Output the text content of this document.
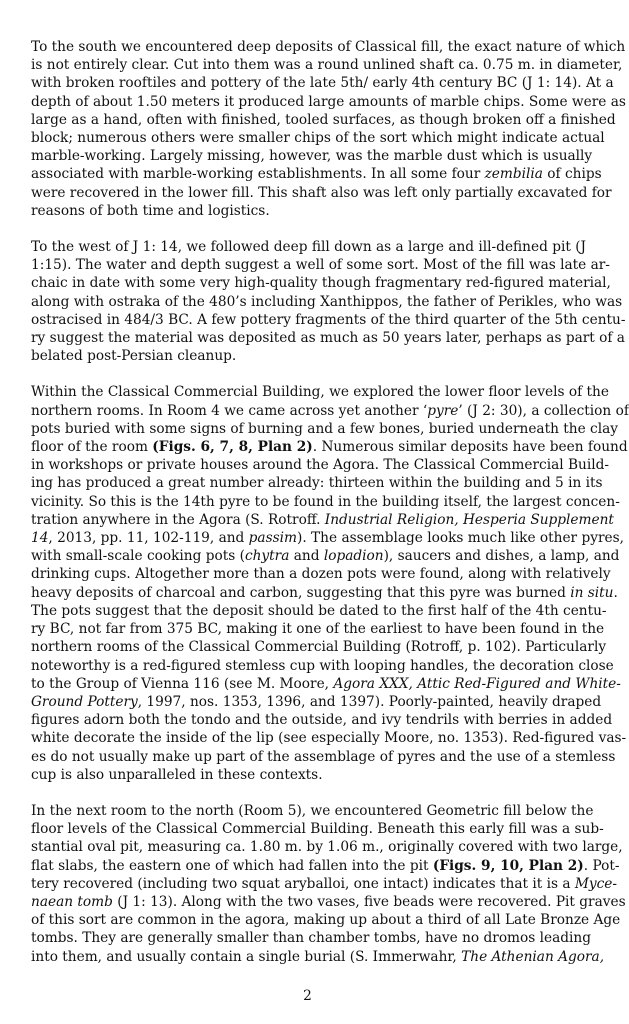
To the south we encountered deep deposits of Classical fill, the exact nature of which
is not entirely clear. Cut into them was a round unlined shaft ca. 0.75 m. in diameter,
with broken rooftiles and pottery of the late 5th/ early 4th century BC (J 1: 14). At a
depth of about 1.50 meters it produced large amounts of marble chips. Some were as
large as a hand, often with finished, tooled surfaces, as though broken off a finished
block; numerous others were smaller chips of the sort which might indicate actual
marble-working. Largely missing, however, was the marble dust which is usually
associated with marble-working establishments. In all some four zembilia of chips
were recovered in the lower fill. This shaft also was left only partially excavated for
reasons of both time and logistics.
To the west of J 1: 14, we followed deep fill down as a large and ill-defined pit (J
1:15). The water and depth suggest a well of some sort. Most of the fill was late ar-
chaic in date with some very high-quality though fragmentary red-figured material,
along with ostraka of the 480’s including Xanthippos, the father of Perikles, who was
ostracised in 484/3 BC. A few pottery fragments of the third quarter of the 5th centu-
ry suggest the material was deposited as much as 50 years later, perhaps as part of a
belated post-Persian cleanup.
Within the Classical Commercial Building, we explored the lower floor levels of the
northern rooms. In Room 4 we came across yet another ‘pyre’ (J 2: 30), a collection of
pots buried with some signs of burning and a few bones, buried underneath the clay
floor of the room (Figs. 6, 7, 8, Plan 2). Numerous similar deposits have been found
in workshops or private houses around the Agora. The Classical Commercial Build-
ing has produced a great number already: thirteen within the building and 5 in its
vicinity. So this is the 14th pyre to be found in the building itself, the largest concen-
tration anywhere in the Agora (S. Rotroff. Industrial Religion, Hesperia Supplement
14, 2013, pp. 11, 102-119, and passim). The assemblage looks much like other pyres,
with small-scale cooking pots (chytra and lopadion), saucers and dishes, a lamp, and
drinking cups. Altogether more than a dozen pots were found, along with relatively
heavy deposits of charcoal and carbon, suggesting that this pyre was burned in situ.
The pots suggest that the deposit should be dated to the first half of the 4th centu-
ry BC, not far from 375 BC, making it one of the earliest to have been found in the
northern rooms of the Classical Commercial Building (Rotroff, p. 102). Particularly
noteworthy is a red-figured stemless cup with looping handles, the decoration close
to the Group of Vienna 116 (see M. Moore, Agora XXX, Attic Red-Figured and White-
Ground Pottery, 1997, nos. 1353, 1396, and 1397). Poorly-painted, heavily draped
figures adorn both the tondo and the outside, and ivy tendrils with berries in added
white decorate the inside of the lip (see especially Moore, no. 1353). Red-figured vas-
es do not usually make up part of the assemblage of pyres and the use of a stemless
cup is also unparalleled in these contexts.
In the next room to the north (Room 5), we encountered Geometric fill below the
floor levels of the Classical Commercial Building. Beneath this early fill was a sub-
stantial oval pit, measuring ca. 1.80 m. by 1.06 m., originally covered with two large,
flat slabs, the eastern one of which had fallen into the pit (Figs. 9, 10, Plan 2). Pot-
tery recovered (including two squat aryballoi, one intact) indicates that it is a Myce-
naean tomb (J 1: 13). Along with the two vases, five beads were recovered. Pit graves
of this sort are common in the agora, making up about a third of all Late Bronze Age
tombs. They are generally smaller than chamber tombs, have no dromos leading
into them, and usually contain a single burial (S. Immerwahr, The Athenian Agora,
2
